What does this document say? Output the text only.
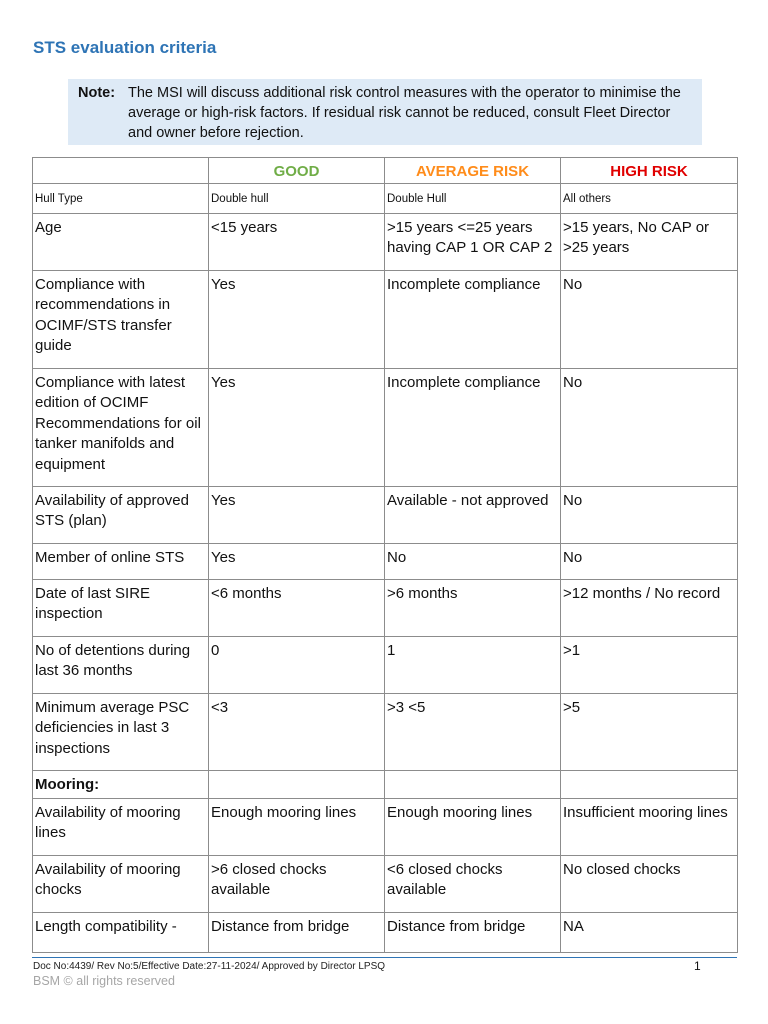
STS evaluation criteria
Note: The MSI will discuss additional risk control measures with the operator to minimise the average or high-risk factors. If residual risk cannot be reduced, consult Fleet Director and owner before rejection.
	GOOD	AVERAGE RISK	HIGH RISK
Hull Type	Double hull	Double Hull	All others
Age	<15 years	>15 years <=25 years having CAP 1 OR CAP 2	>15 years, No CAP or >25 years
Compliance with recommendations in OCIMF/STS transfer guide	Yes	Incomplete compliance	No
Compliance with latest edition of OCIMF Recommendations for oil tanker manifolds and equipment	Yes	Incomplete compliance	No
Availability of approved STS (plan)	Yes	Available - not approved	No
Member of online STS	Yes	No	No
Date of last SIRE inspection	<6 months	>6 months	>12 months / No record
No of detentions during last 36 months	0	1	>1
Minimum average PSC deficiencies in last 3 inspections	<3	>3 <5	>5
Mooring:			
Availability of mooring lines	Enough mooring lines	Enough mooring lines	Insufficient mooring lines
Availability of mooring chocks	>6 closed chocks available	<6 closed chocks available	No closed chocks
Length compatibility -	Distance from bridge	Distance from bridge	NA
Doc No:4439/ Rev No:5/Effective Date:27-11-2024/ Approved by Director LPSQ	1
BSM © all rights reserved
